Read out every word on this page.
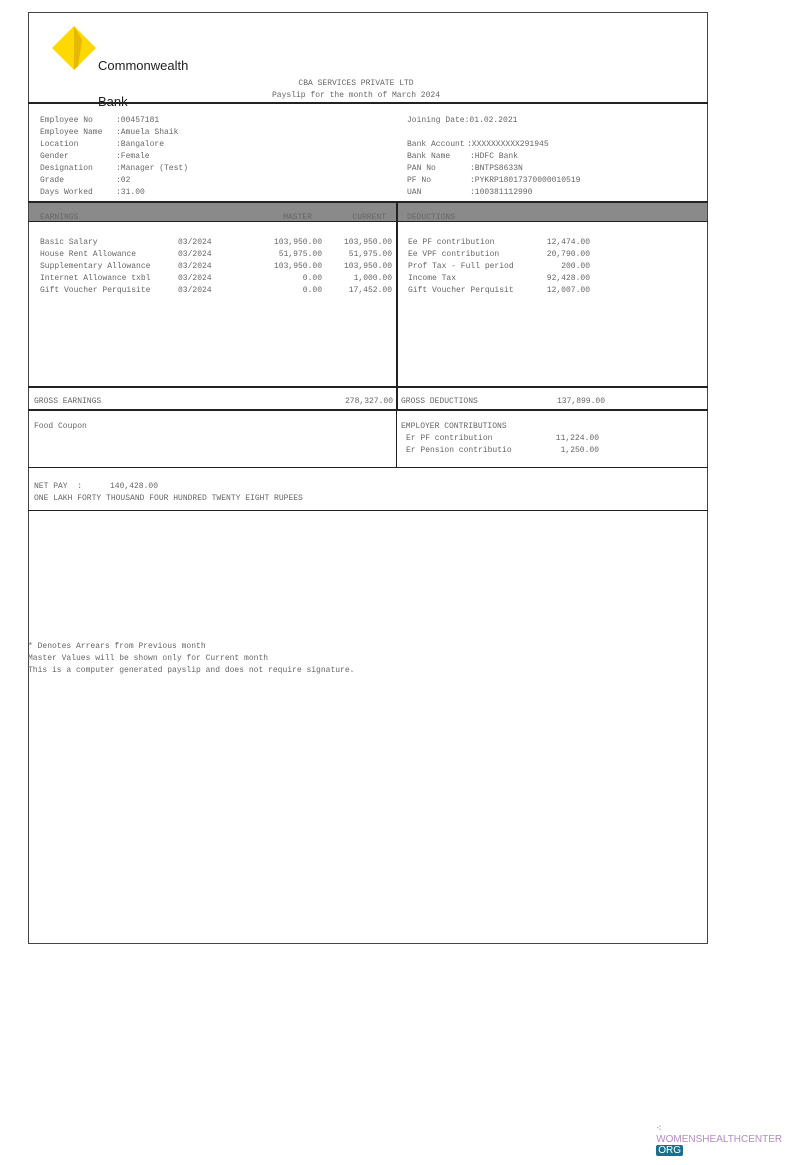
Commonwealth

CBA SERVICES PRIVATE LTD
Payslip for the month of March 2024
Employee No	:00457181
Employee Name :Amuela Shaik
Location	:Bangalore
Gender	:Female
Designation	:Manager (Test)
Grade	:02
Days Worked	:31.00
Joining Date:01.02.2021
Bank Account :XXXXXXXXXX291945
Bank Name :HDFC Bank
PAN No	:BNTPS8633N
PF No	:PYKRP18017370000010519
UAN	:100381112990
EARNINGS	MASTER	CURRENT	DEDUCTIONS
Basic Salary	03/2024	103,950.00	103,950.00
House Rent Allowance	03/2024	51,975.00	51,975.00
Supplementary Allowance	03/2024	103,950.00	103,950.00
Internet Allowance txbl	03/2024	0.00	1,000.00
Gift Voucher Perquisite	03/2024	0.00	17,452.00
Ee PF contribution	12,474.00
Ee VPF contribution	20,790.00
Prof Tax - Full period	200.00
Income Tax	92,428.00
Gift Voucher Perquisit	12,007.00
GROSS EARNINGS	278,327.00 GROSS DEDUCTIONS	137,899.00
Food Coupon	EMPLOYER CONTRIBUTIONS
Er PF contribution	11,224.00
Er Pension contributio	1,250.00
NET PAY  :	140,428.00
ONE LAKH FORTY THOUSAND FOUR HUNDRED TWENTY EIGHT RUPEES
* Denotes Arrears from Previous month
Master Values will be shown only for Current month
This is a computer generated payslip and does not require signature.

⁖
WOMENSHEALTHCENTER
ORG
